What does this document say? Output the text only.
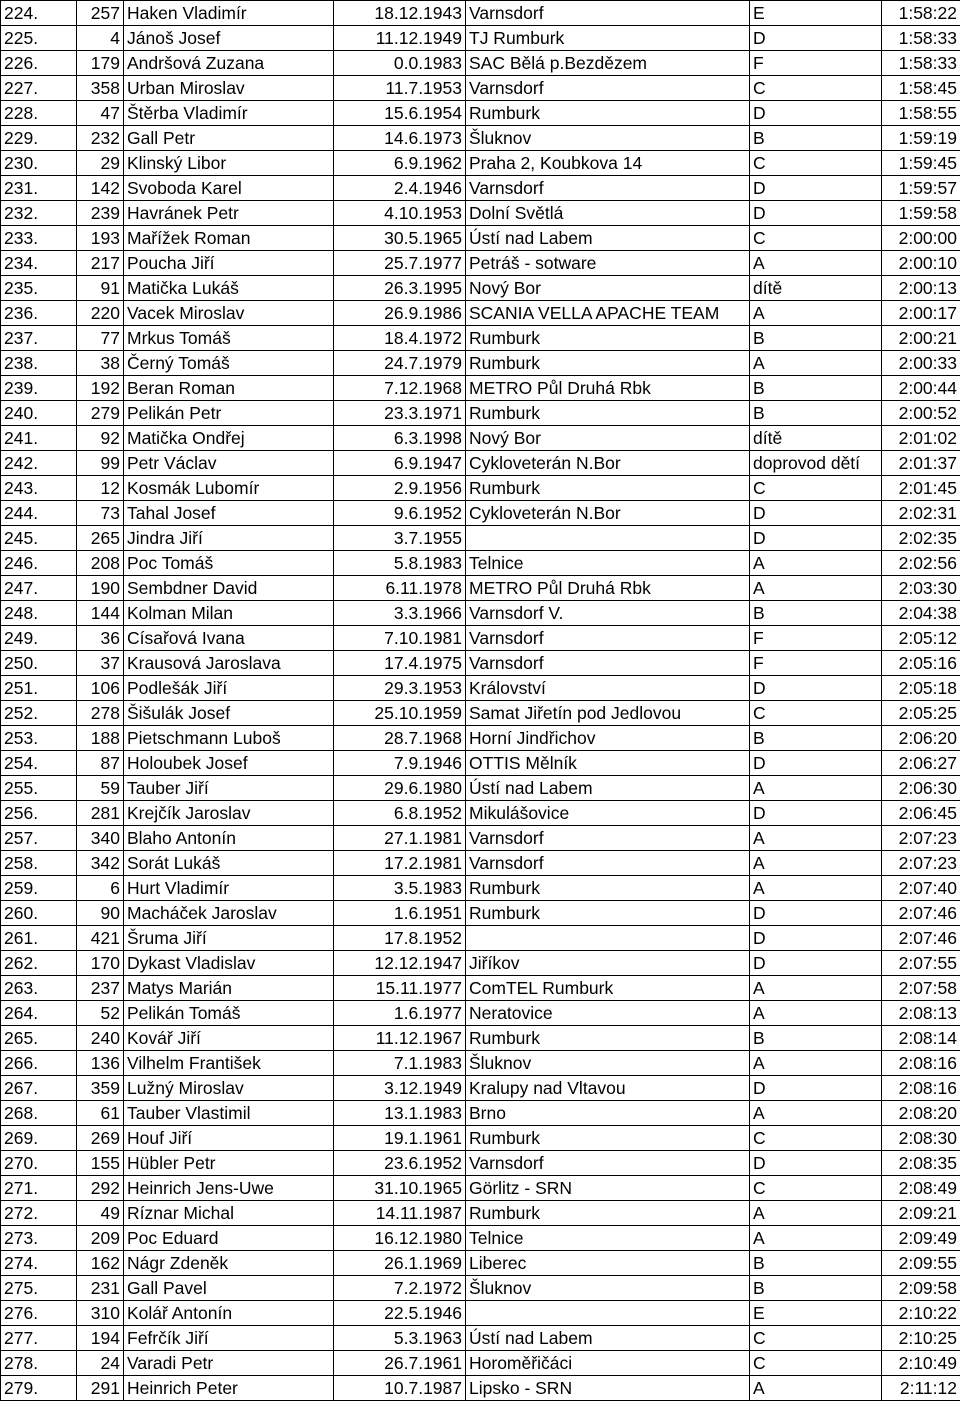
224.	257	Haken Vladimír	18.12.1943	Varnsdorf	E	1:58:22
225.	4	Jánoš Josef	11.12.1949	TJ Rumburk	D	1:58:33
226.	179	Andršová Zuzana	0.0.1983	SAC Bělá p.Bezdězem	F	1:58:33
227.	358	Urban Miroslav	11.7.1953	Varnsdorf	C	1:58:45
228.	47	Štěrba Vladimír	15.6.1954	Rumburk	D	1:58:55
229.	232	Gall Petr	14.6.1973	Šluknov	B	1:59:19
230.	29	Klinský Libor	6.9.1962	Praha 2, Koubkova 14	C	1:59:45
231.	142	Svoboda Karel	2.4.1946	Varnsdorf	D	1:59:57
232.	239	Havránek Petr	4.10.1953	Dolní Světlá	D	1:59:58
233.	193	Mařížek Roman	30.5.1965	Ústí nad Labem	C	2:00:00
234.	217	Poucha Jiří	25.7.1977	Petráš - sotware	A	2:00:10
235.	91	Matička Lukáš	26.3.1995	Nový Bor	dítě	2:00:13
236.	220	Vacek Miroslav	26.9.1986	SCANIA VELLA APACHE TEAM	A	2:00:17
237.	77	Mrkus Tomáš	18.4.1972	Rumburk	B	2:00:21
238.	38	Černý Tomáš	24.7.1979	Rumburk	A	2:00:33
239.	192	Beran Roman	7.12.1968	METRO Půl Druhá Rbk	B	2:00:44
240.	279	Pelikán Petr	23.3.1971	Rumburk	B	2:00:52
241.	92	Matička Ondřej	6.3.1998	Nový Bor	dítě	2:01:02
242.	99	Petr Václav	6.9.1947	Cykloveterán N.Bor	doprovod dětí	2:01:37
243.	12	Kosmák Lubomír	2.9.1956	Rumburk	C	2:01:45
244.	73	Tahal Josef	9.6.1952	Cykloveterán N.Bor	D	2:02:31
245.	265	Jindra Jiří	3.7.1955		D	2:02:35
246.	208	Poc Tomáš	5.8.1983	Telnice	A	2:02:56
247.	190	Sembdner David	6.11.1978	METRO Půl Druhá Rbk	A	2:03:30
248.	144	Kolman Milan	3.3.1966	Varnsdorf V.	B	2:04:38
249.	36	Císařová Ivana	7.10.1981	Varnsdorf	F	2:05:12
250.	37	Krausová Jaroslava	17.4.1975	Varnsdorf	F	2:05:16
251.	106	Podlešák Jiří	29.3.1953	Království	D	2:05:18
252.	278	Šišulák Josef	25.10.1959	Samat Jiřetín pod Jedlovou	C	2:05:25
253.	188	Pietschmann Luboš	28.7.1968	Horní Jindřichov	B	2:06:20
254.	87	Holoubek Josef	7.9.1946	OTTIS Mělník	D	2:06:27
255.	59	Tauber Jiří	29.6.1980	Ústí nad Labem	A	2:06:30
256.	281	Krejčík Jaroslav	6.8.1952	Mikulášovice	D	2:06:45
257.	340	Blaho Antonín	27.1.1981	Varnsdorf	A	2:07:23
258.	342	Sorát Lukáš	17.2.1981	Varnsdorf	A	2:07:23
259.	6	Hurt Vladimír	3.5.1983	Rumburk	A	2:07:40
260.	90	Macháček Jaroslav	1.6.1951	Rumburk	D	2:07:46
261.	421	Šruma Jiří	17.8.1952		D	2:07:46
262.	170	Dykast Vladislav	12.12.1947	Jiříkov	D	2:07:55
263.	237	Matys Marián	15.11.1977	ComTEL Rumburk	A	2:07:58
264.	52	Pelikán Tomáš	1.6.1977	Neratovice	A	2:08:13
265.	240	Kovář Jiří	11.12.1967	Rumburk	B	2:08:14
266.	136	Vilhelm František	7.1.1983	Šluknov	A	2:08:16
267.	359	Lužný Miroslav	3.12.1949	Kralupy nad Vltavou	D	2:08:16
268.	61	Tauber Vlastimil	13.1.1983	Brno	A	2:08:20
269.	269	Houf Jiří	19.1.1961	Rumburk	C	2:08:30
270.	155	Hübler Petr	23.6.1952	Varnsdorf	D	2:08:35
271.	292	Heinrich Jens-Uwe	31.10.1965	Görlitz - SRN	C	2:08:49
272.	49	Ríznar Michal	14.11.1987	Rumburk	A	2:09:21
273.	209	Poc Eduard	16.12.1980	Telnice	A	2:09:49
274.	162	Nágr Zdeněk	26.1.1969	Liberec	B	2:09:55
275.	231	Gall Pavel	7.2.1972	Šluknov	B	2:09:58
276.	310	Kolář Antonín	22.5.1946		E	2:10:22
277.	194	Fefrčík Jiří	5.3.1963	Ústí nad Labem	C	2:10:25
278.	24	Varadi Petr	26.7.1961	Horoměřičáci	C	2:10:49
279.	291	Heinrich Peter	10.7.1987	Lipsko - SRN	A	2:11:12
